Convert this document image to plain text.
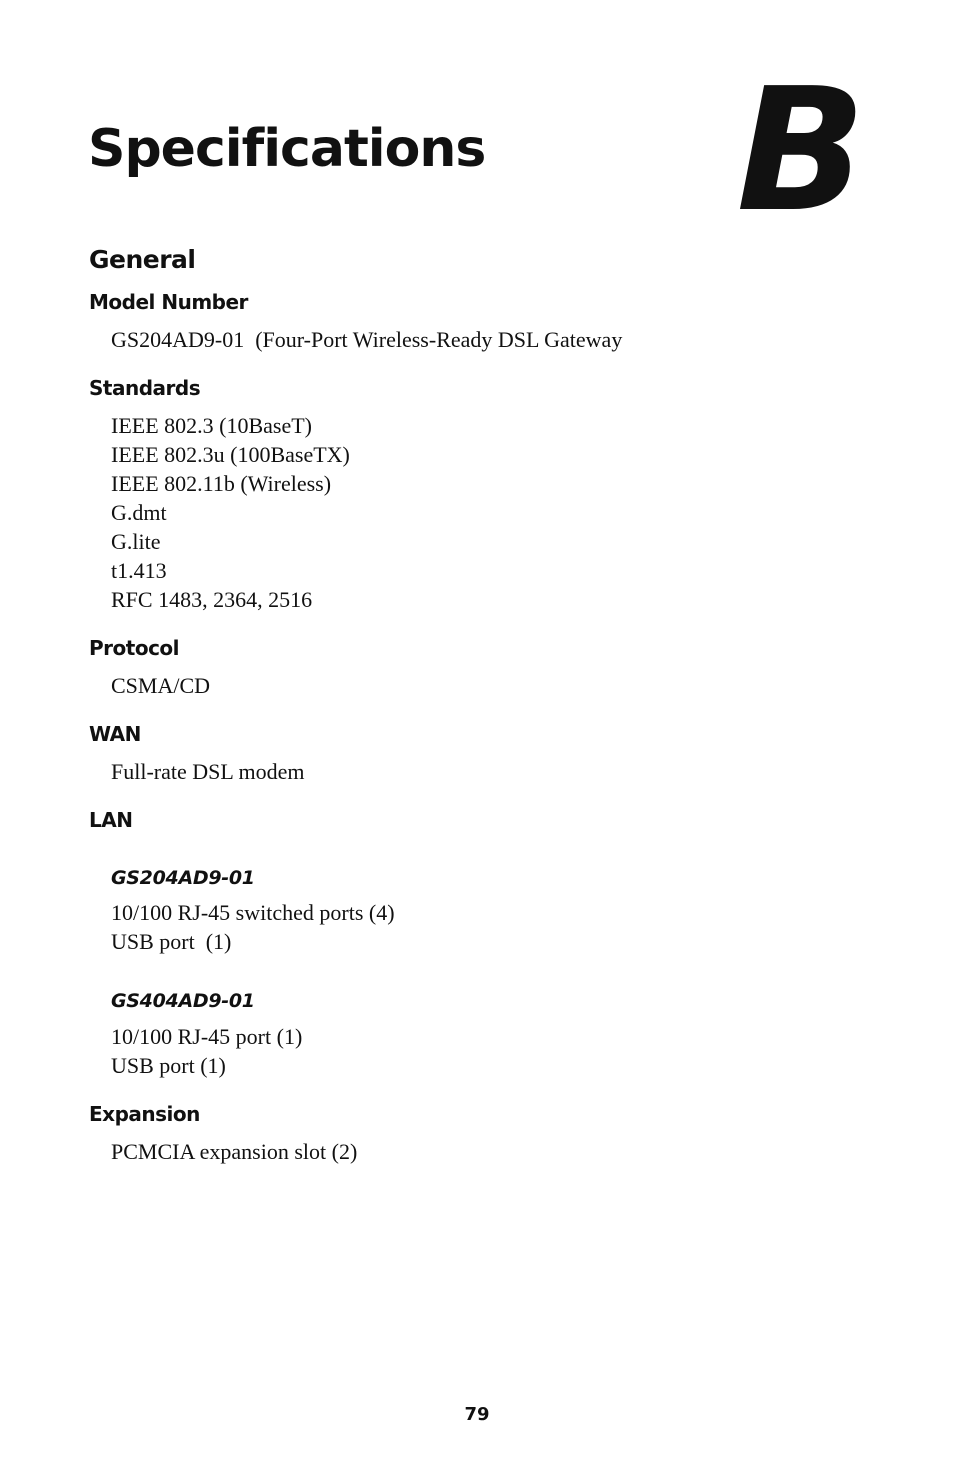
Specifications B
General
Model Number
GS204AD9-01  (Four-Port Wireless-Ready DSL Gateway
Standards
IEEE 802.3 (10BaseT)
IEEE 802.3u (100BaseTX)
IEEE 802.11b (Wireless)
G.dmt
G.lite
t1.413
RFC 1483, 2364, 2516
Protocol
CSMA/CD
WAN
Full-rate DSL modem
LAN
GS204AD9-01
10/100 RJ-45 switched ports (4)
USB port  (1)
GS404AD9-01
10/100 RJ-45 port (1)
USB port (1)
Expansion
PCMCIA expansion slot (2)
79
